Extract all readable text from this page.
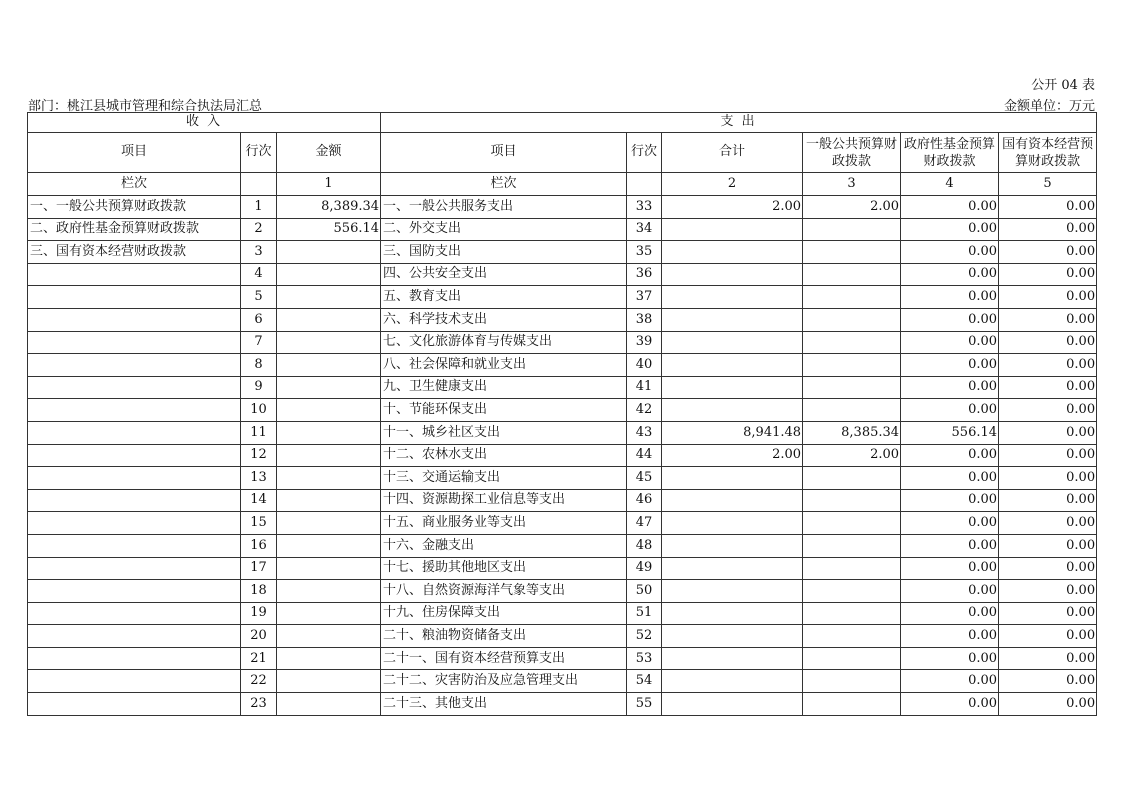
公开 04 表
部门：桃江县城市管理和综合执法局汇总	金额单位：万元
收 入			支 出					
项目	行次	金额	项目	行次	合计	一般公共预算财政拨款	政府性基金预算财政拨款	国有资本经营预算财政拨款
栏次		1	栏次		2	3	4	5
一、一般公共预算财政拨款	1	8,389.34	一、一般公共服务支出	33	2.00	2.00	0.00	0.00
二、政府性基金预算财政拨款	2	556.14	二、外交支出	34			0.00	0.00
三、国有资本经营财政拨款	3		三、国防支出	35			0.00	0.00
	4		四、公共安全支出	36			0.00	0.00
	5		五、教育支出	37			0.00	0.00
	6		六、科学技术支出	38			0.00	0.00
	7		七、文化旅游体育与传媒支出	39			0.00	0.00
	8		八、社会保障和就业支出	40			0.00	0.00
	9		九、卫生健康支出	41			0.00	0.00
	10		十、节能环保支出	42			0.00	0.00
	11		十一、城乡社区支出	43	8,941.48	8,385.34	556.14	0.00
	12		十二、农林水支出	44	2.00	2.00	0.00	0.00
	13		十三、交通运输支出	45			0.00	0.00
	14		十四、资源勘探工业信息等支出	46			0.00	0.00
	15		十五、商业服务业等支出	47			0.00	0.00
	16		十六、金融支出	48			0.00	0.00
	17		十七、援助其他地区支出	49			0.00	0.00
	18		十八、自然资源海洋气象等支出	50			0.00	0.00
	19		十九、住房保障支出	51			0.00	0.00
	20		二十、粮油物资储备支出	52			0.00	0.00
	21		二十一、国有资本经营预算支出	53			0.00	0.00
	22		二十二、灾害防治及应急管理支出	54			0.00	0.00
	23		二十三、其他支出	55			0.00	0.00
